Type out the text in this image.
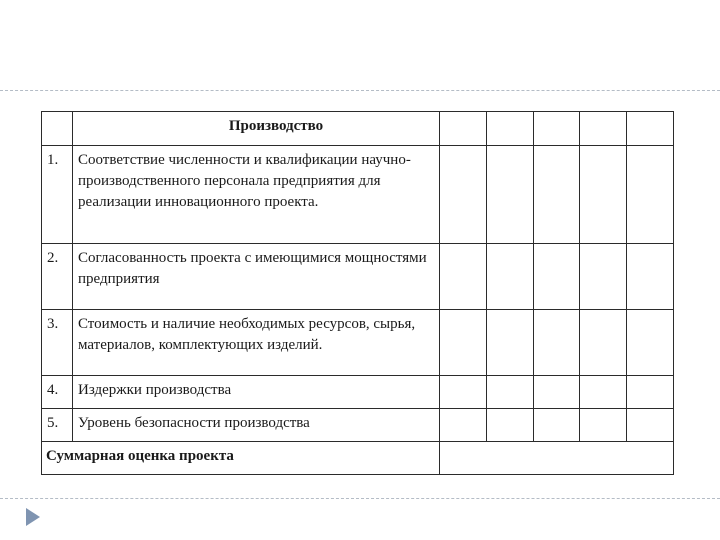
	Производство					
1.	Соответствие численности и квалификации научно-производственного персонала предприятия для реализации инновационного проекта.					
2.	Согласованность проекта с имеющимися мощностями предприятия					
3.	Стоимость и наличие необходимых ресурсов, сырья, материалов, комплектующих изделий.					
4.	Издержки производства					
5.	Уровень безопасности производства					
Суммарная оценка проекта						
